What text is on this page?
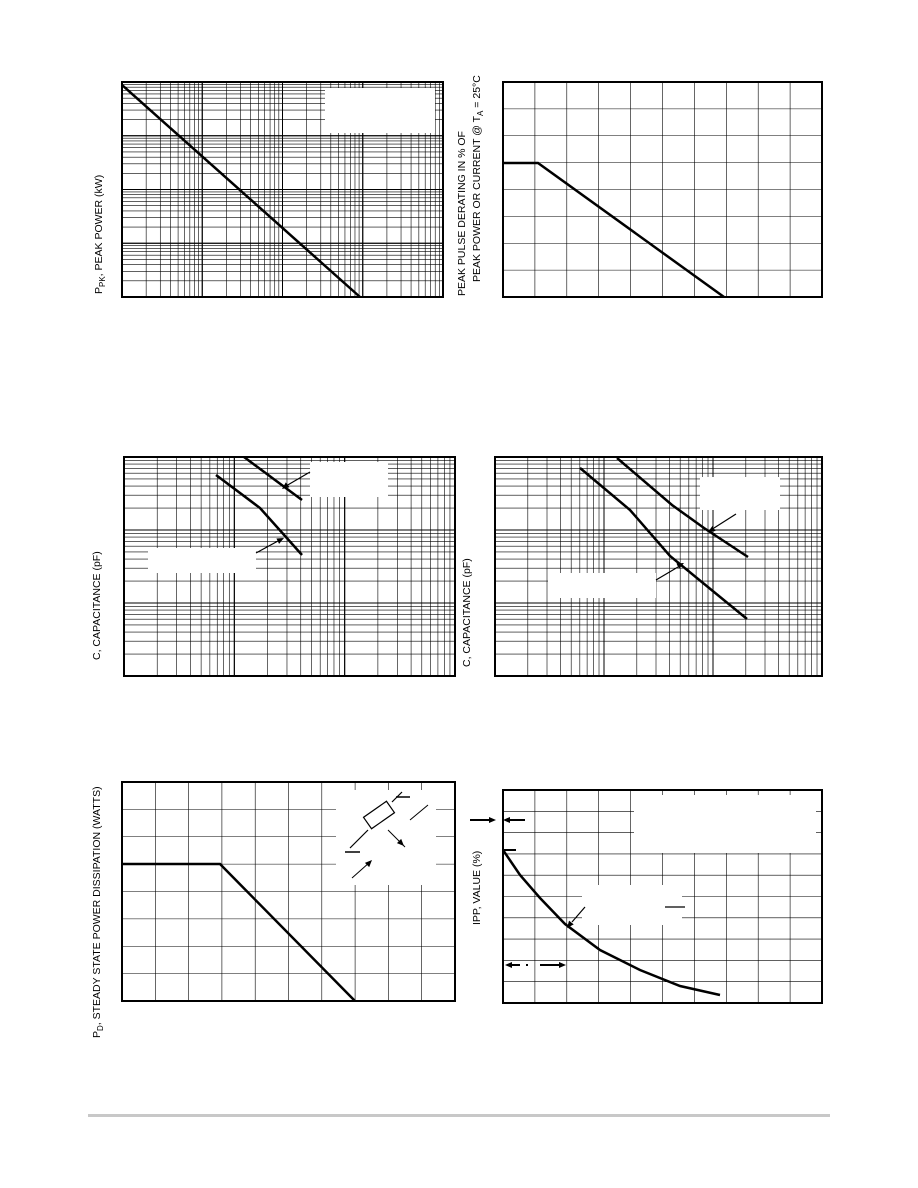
$P_{PK}$, PEAK POWER (kW)	PEAK PULSE DERATING IN % OF PEAK POWER OR CURRENT @ $T_A = 25^\circ C$
C, CAPACITANCE (pF)	C, CAPACITANCE (pF)
$P_D$, STEADY STATE POWER DISSIPATION (WATTS)	IPP, VALUE (%)
